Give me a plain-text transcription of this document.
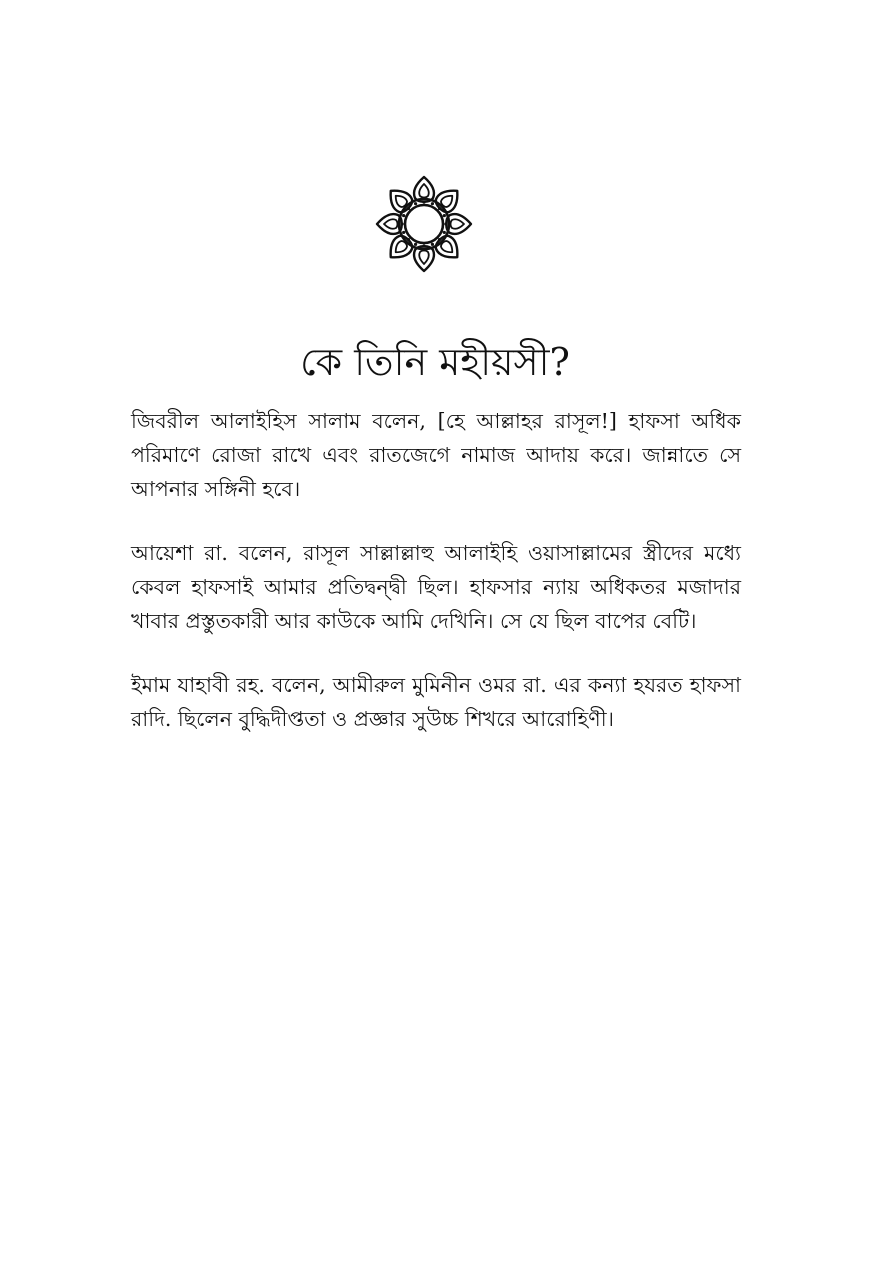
কে তিনি মহীয়সী?

জিবরীল আলাইহিস সালাম বলেন, [হে আল্লাহর রাসূল!] হাফসা অধিক পরিমাণে রোজা রাখে এবং রাতজেগে নামাজ আদায় করে। জান্নাতে সে আপনার সঙ্গিনী হবে।

আয়েশা রা. বলেন, রাসূল সাল্লাল্লাহু আলাইহি ওয়াসাল্লামের স্ত্রীদের মধ্যে কেবল হাফসাই আমার প্রতিদ্বন্দ্বী ছিল। হাফসার ন্যায় অধিকতর মজাদার খাবার প্রস্তুতকারী আর কাউকে আমি দেখিনি। সে যে ছিল বাপের বেটি।

ইমাম যাহাবী রহ. বলেন, আমীরুল মুমিনীন ওমর রা. এর কন্যা হযরত হাফসা রাদি. ছিলেন বুদ্ধিদীপ্ততা ও প্রজ্ঞার সুউচ্চ শিখরে আরোহিণী।
